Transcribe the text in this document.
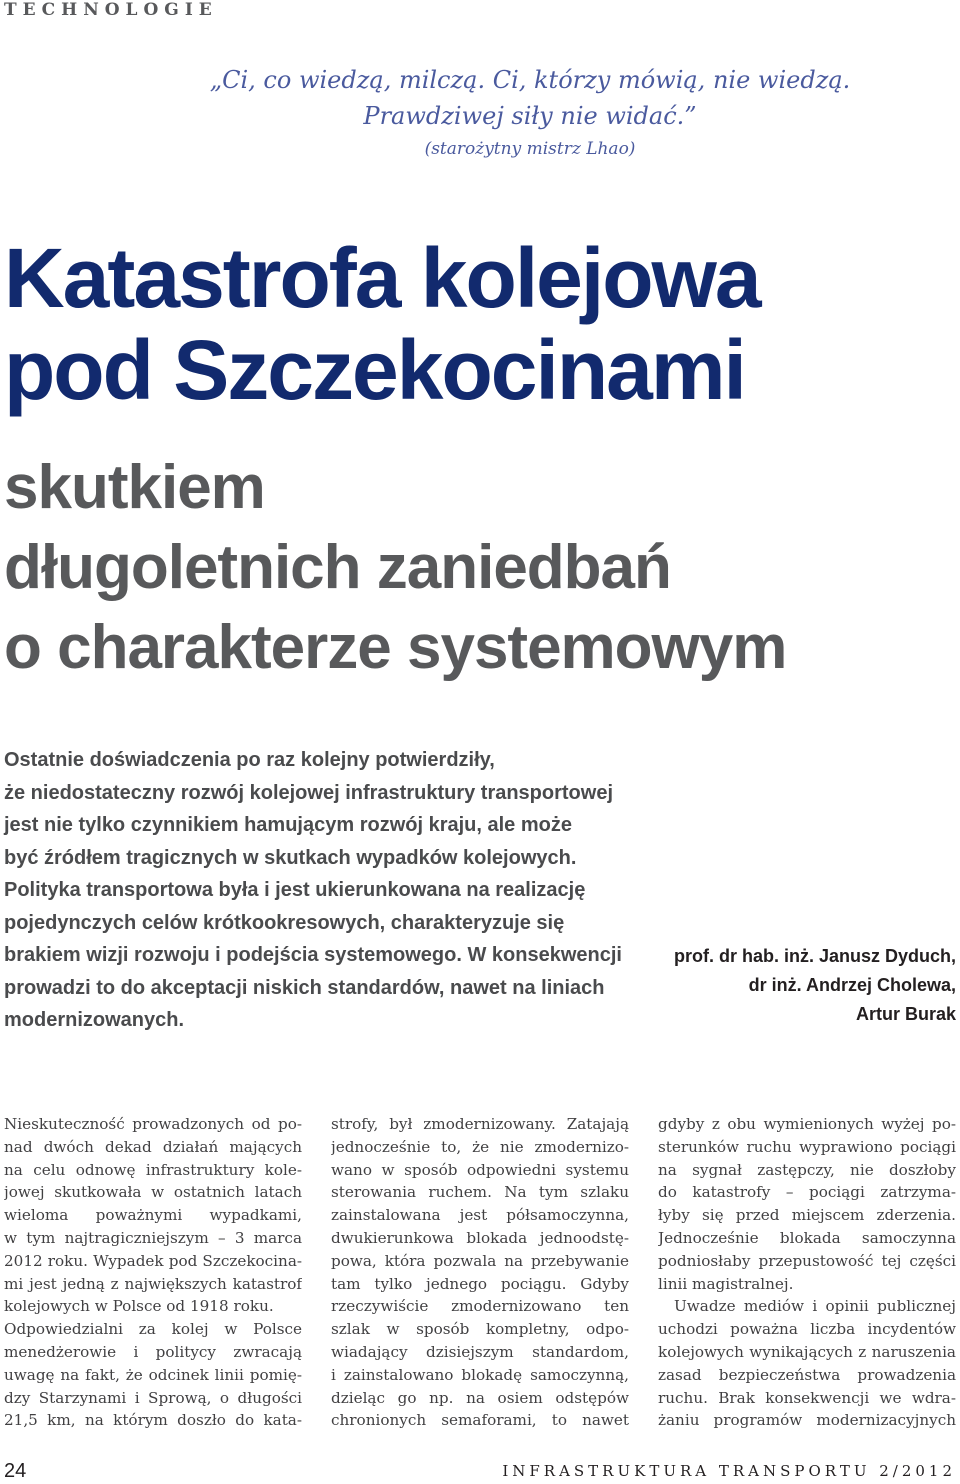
TECHNOLOGIE
„Ci, co wiedzą, milczą. Ci, którzy mówią, nie wiedzą.
Prawdziwej siły nie widać.”
(starożytny mistrz Lhao)
Katastrofa kolejowa
pod Szczekocinami
skutkiem
długoletnich zaniedbań
o charakterze systemowym
Ostatnie doświadczenia po raz kolejny potwierdziły,
że niedostateczny rozwój kolejowej infrastruktury transportowej
jest nie tylko czynnikiem hamującym rozwój kraju, ale może
być źródłem tragicznych w skutkach wypadków kolejowych.
Polityka transportowa była i jest ukierunkowana na realizację
pojedynczych celów krótkookresowych, charakteryzuje się
brakiem wizji rozwoju i podejścia systemowego. W konsekwencji
prowadzi to do akceptacji niskich standardów, nawet na liniach
modernizowanych.
prof. dr hab. inż. Janusz Dyduch,
dr inż. Andrzej Cholewa,
Artur Burak
Nieskuteczność prowadzonych od po-
nad dwóch dekad działań mających
na celu odnowę infrastruktury kole-
jowej skutkowała w ostatnich latach
wieloma poważnymi wypadkami,
w tym najtragiczniejszym – 3 marca
2012 roku. Wypadek pod Szczekocina-
mi jest jedną z największych katastrof
kolejowych w Polsce od 1918 roku.
Odpowiedzialni za kolej w Polsce
menedżerowie i politycy zwracają
uwagę na fakt, że odcinek linii pomię-
dzy Starzynami i Sprową, o długości
21,5 km, na którym doszło do kata-
strofy, był zmodernizowany. Zatajają
jednocześnie to, że nie zmodernizo-
wano w sposób odpowiedni systemu
sterowania ruchem. Na tym szlaku
zainstalowana jest półsamoczynna,
dwukierunkowa blokada jednoodstę-
powa, która pozwala na przebywanie
tam tylko jednego pociągu. Gdyby
rzeczywiście zmodernizowano ten
szlak w sposób kompletny, odpo-
wiadający dzisiejszym standardom,
i zainstalowano blokadę samoczynną,
dzieląc go np. na osiem odstępów
chronionych semaforami, to nawet
gdyby z obu wymienionych wyżej po-
sterunków ruchu wyprawiono pociągi
na sygnał zastępczy, nie doszłoby
do katastrofy – pociągi zatrzyma-
łyby się przed miejscem zderzenia.
Jednocześnie blokada samoczynna
podniosłaby przepustowość tej części
linii magistralnej.
Uwadze mediów i opinii publicznej
uchodzi poważna liczba incydentów
kolejowych wynikających z naruszenia
zasad bezpieczeństwa prowadzenia
ruchu. Brak konsekwencji we wdra-
żaniu programów modernizacyjnych
24	INFRASTRUKTURA TRANSPORTU 2/2012
